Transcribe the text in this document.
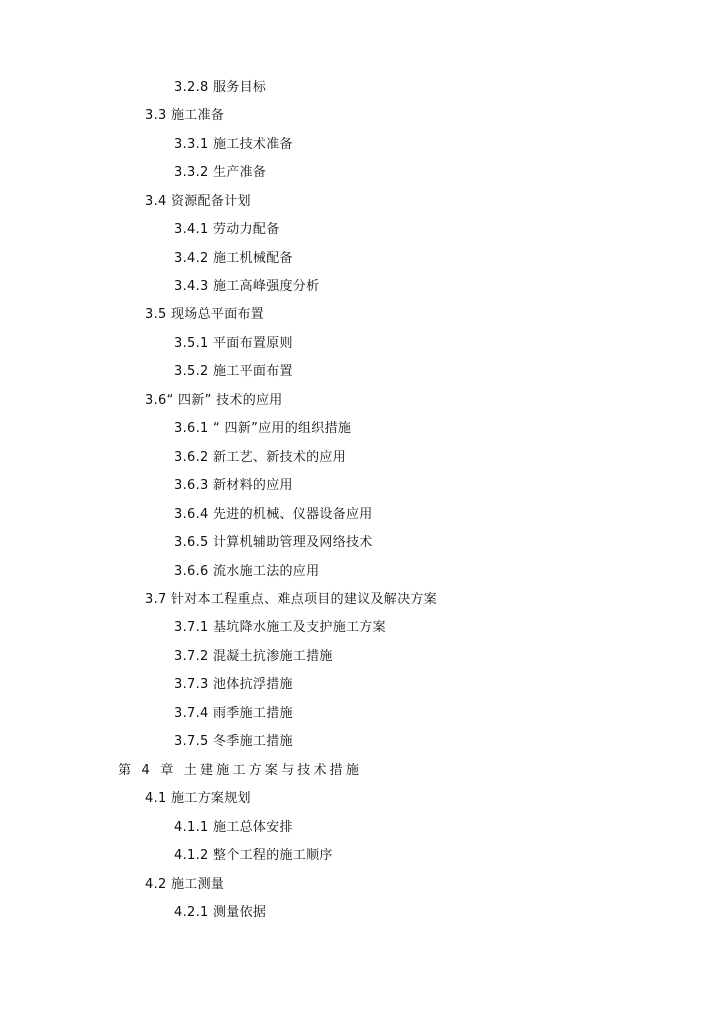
3.2.8 服务目标
3.3 施工准备
3.3.1 施工技术准备
3.3.2 生产准备
3.4 资源配备计划
3.4.1 劳动力配备
3.4.2 施工机械配备
3.4.3 施工高峰强度分析
3.5 现场总平面布置
3.5.1 平面布置原则
3.5.2 施工平面布置
3.6“ 四新” 技术的应用
3.6.1 “ 四新”应用的组织措施
3.6.2 新工艺、新技术的应用
3.6.3 新材料的应用
3.6.4 先进的机械、仪器设备应用
3.6.5 计算机辅助管理及网络技术
3.6.6 流水施工法的应用
3.7 针对本工程重点、难点项目的建议及解决方案
3.7.1 基坑降水施工及支护施工方案
3.7.2 混凝土抗渗施工措施
3.7.3 池体抗浮措施
3.7.4 雨季施工措施
3.7.5 冬季施工措施
第 4 章 土建施工方案与技术措施
4.1 施工方案规划
4.1.1 施工总体安排
4.1.2 整个工程的施工顺序
4.2 施工测量
4.2.1 测量依据
